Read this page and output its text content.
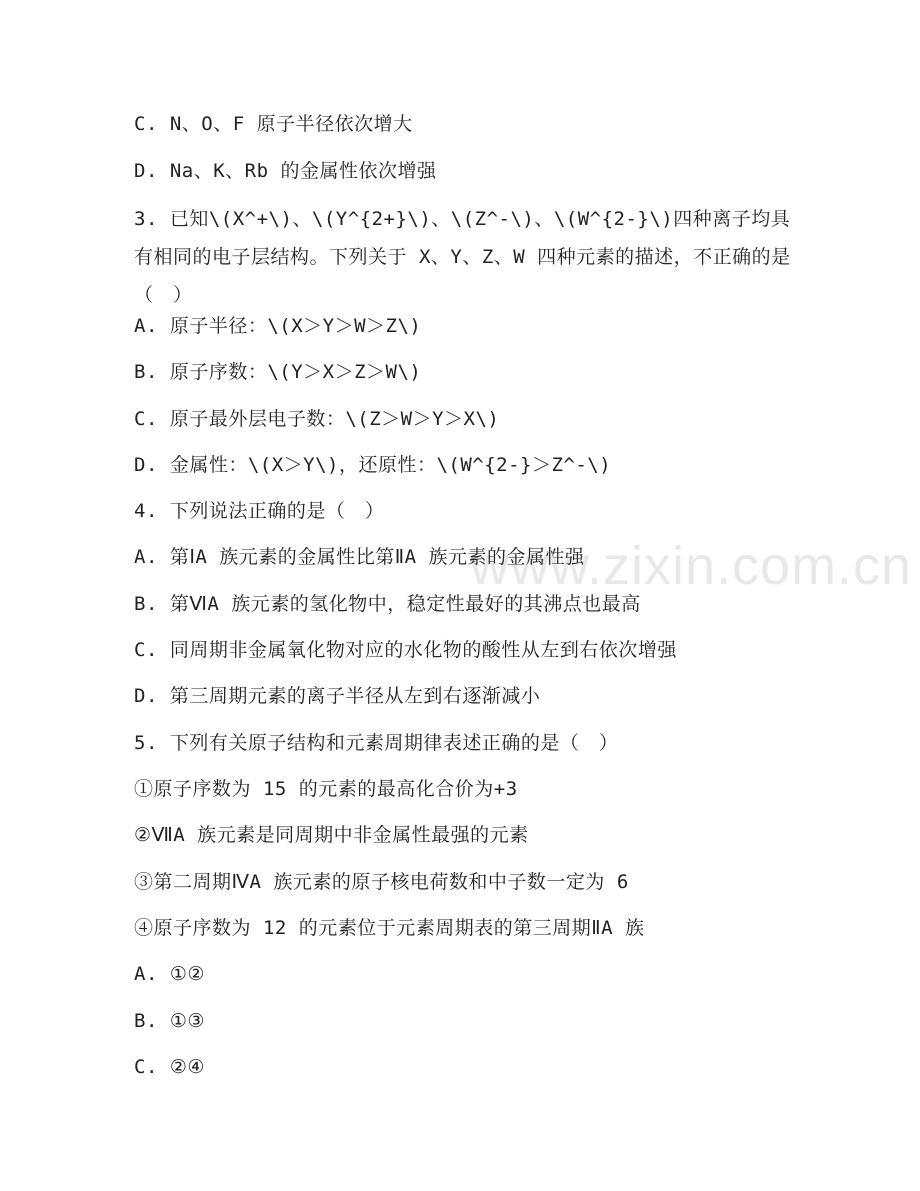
www.zixin.com.cn
C. N、O、F 原子半径依次增大
D. Na、K、Rb 的金属性依次增强
3. 已知\(X^+\)、\(Y^{2+}\)、\(Z^-\)、\(W^{2-}\)四种离子均具有相同的电子层结构。下列关于 X、Y、Z、W 四种元素的描述，不正确的是（　）
A. 原子半径：\(X＞Y＞W＞Z\)
B. 原子序数：\(Y＞X＞Z＞W\)
C. 原子最外层电子数：\(Z＞W＞Y＞X\)
D. 金属性：\(X＞Y\)，还原性：\(W^{2-}＞Z^-\)
4. 下列说法正确的是（　）
A. 第ⅠA 族元素的金属性比第ⅡA 族元素的金属性强
B. 第ⅥA 族元素的氢化物中，稳定性最好的其沸点也最高
C. 同周期非金属氧化物对应的水化物的酸性从左到右依次增强
D. 第三周期元素的离子半径从左到右逐渐减小
5. 下列有关原子结构和元素周期律表述正确的是（　）
①原子序数为 15 的元素的最高化合价为+3
②ⅦA 族元素是同周期中非金属性最强的元素
③第二周期ⅣA 族元素的原子核电荷数和中子数一定为 6
④原子序数为 12 的元素位于元素周期表的第三周期ⅡA 族
A. ①②
B. ①③
C. ②④
